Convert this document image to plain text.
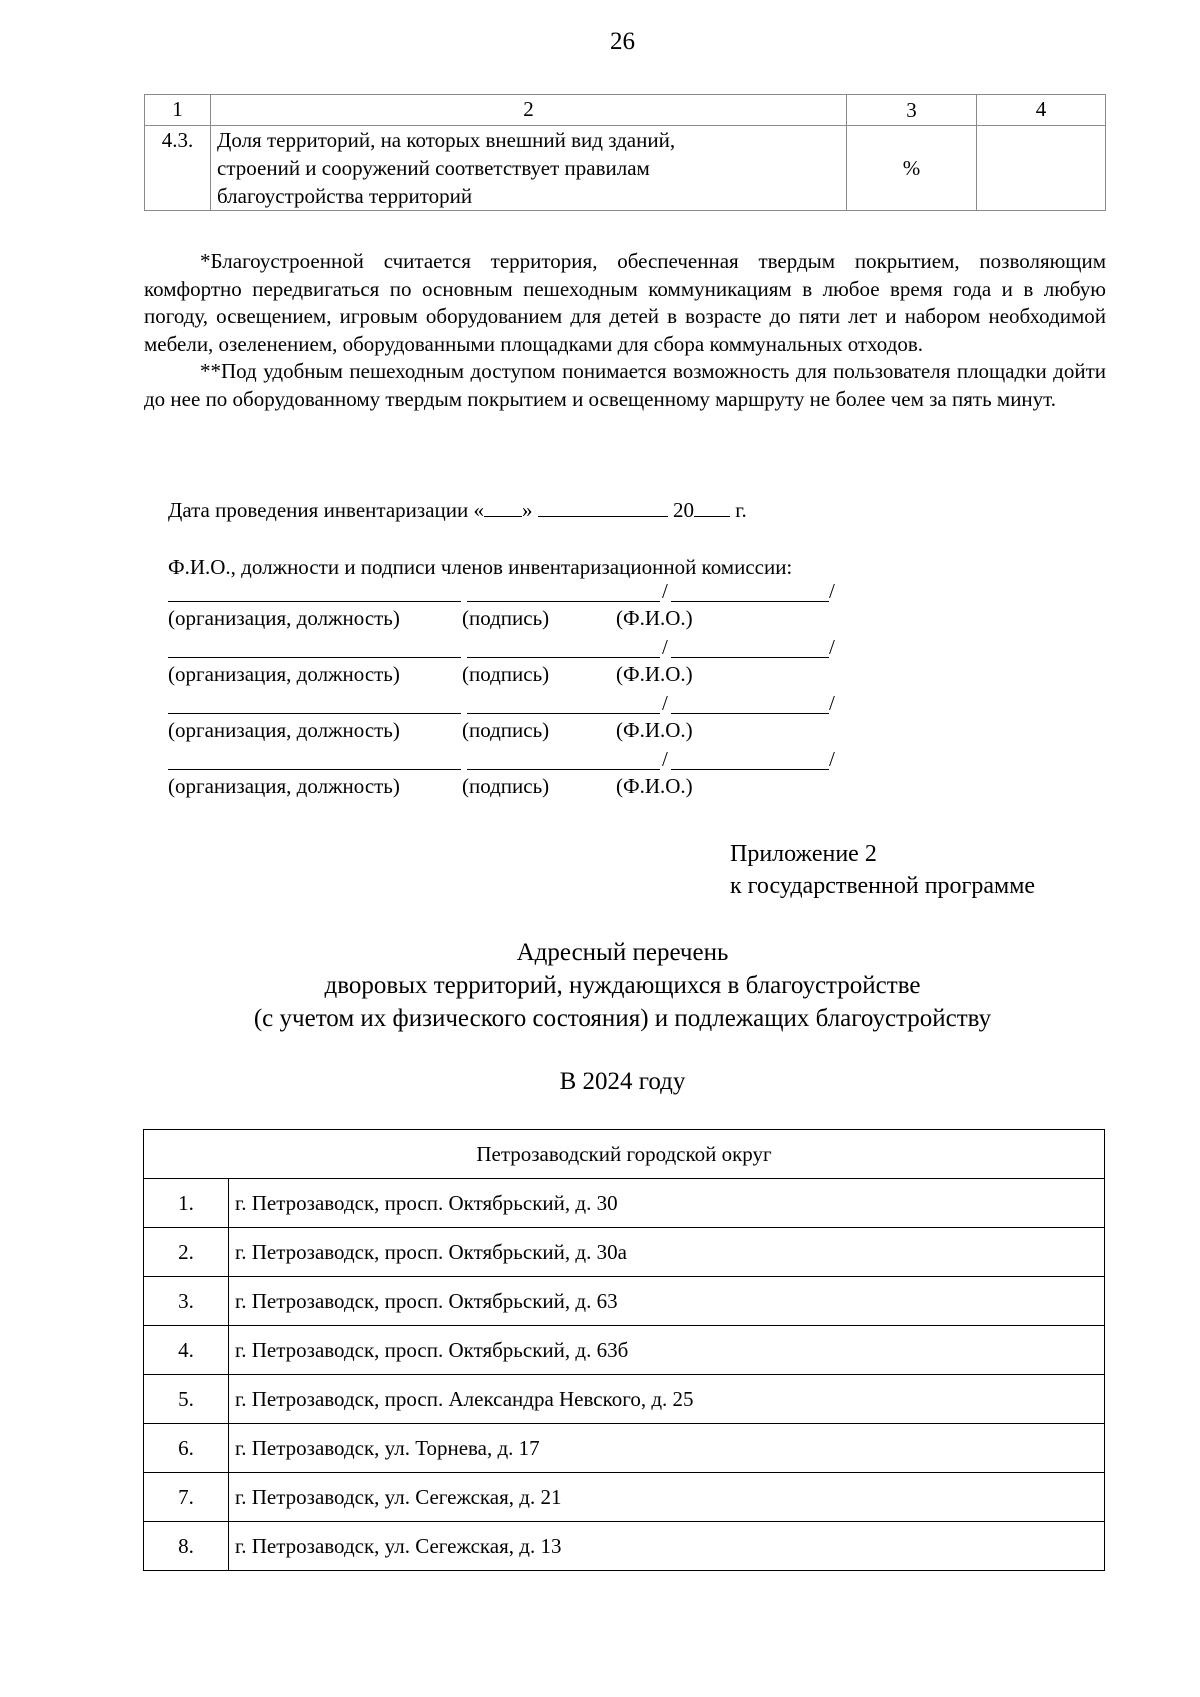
26
1	2	3	4
4.3.	Доля территорий, на которых внешний вид зданий,
строений и сооружений соответствует правилам
благоустройства территорий	%	

*Благоустроенной считается территория, обеспеченная твердым покрытием, позволяющим комфортно передвигаться по основным пешеходным коммуникациям в любое время года и в любую погоду, освещением, игровым оборудованием для детей в возрасте до пяти лет и набором необходимой мебели, озеленением, оборудованными площадками для сбора коммунальных отходов.

**Под удобным пешеходным доступом понимается возможность для пользователя площадки дойти до нее по оборудованному твердым покрытием и освещенному маршруту не более чем за пять минут.

Дата проведения инвентаризации « »	20 г.
Ф.И.О., должности и подписи членов инвентаризационной комиссии:
/	/
(организация, должность)	(подпись)	(Ф.И.О.)
/	/
(организация, должность)	(подпись)	(Ф.И.О.)
/	/
(организация, должность)	(подпись)	(Ф.И.О.)
/	/
(организация, должность)	(подпись)	(Ф.И.О.)
Приложение 2
к государственной программе
Адресный перечень
дворовых территорий, нуждающихся в благоустройстве
(с учетом их физического состояния) и подлежащих благоустройству
В 2024 году
Петрозаводский городской округ	
1.	г. Петрозаводск, просп. Октябрьский, д. 30
2.	г. Петрозаводск, просп. Октябрьский, д. 30а
3.	г. Петрозаводск, просп. Октябрьский, д. 63
4.	г. Петрозаводск, просп. Октябрьский, д. 63б
5.	г. Петрозаводск, просп. Александра Невского, д. 25
6.	г. Петрозаводск, ул. Торнева, д. 17
7.	г. Петрозаводск, ул. Сегежская, д. 21
8.	г. Петрозаводск, ул. Сегежская, д. 13
